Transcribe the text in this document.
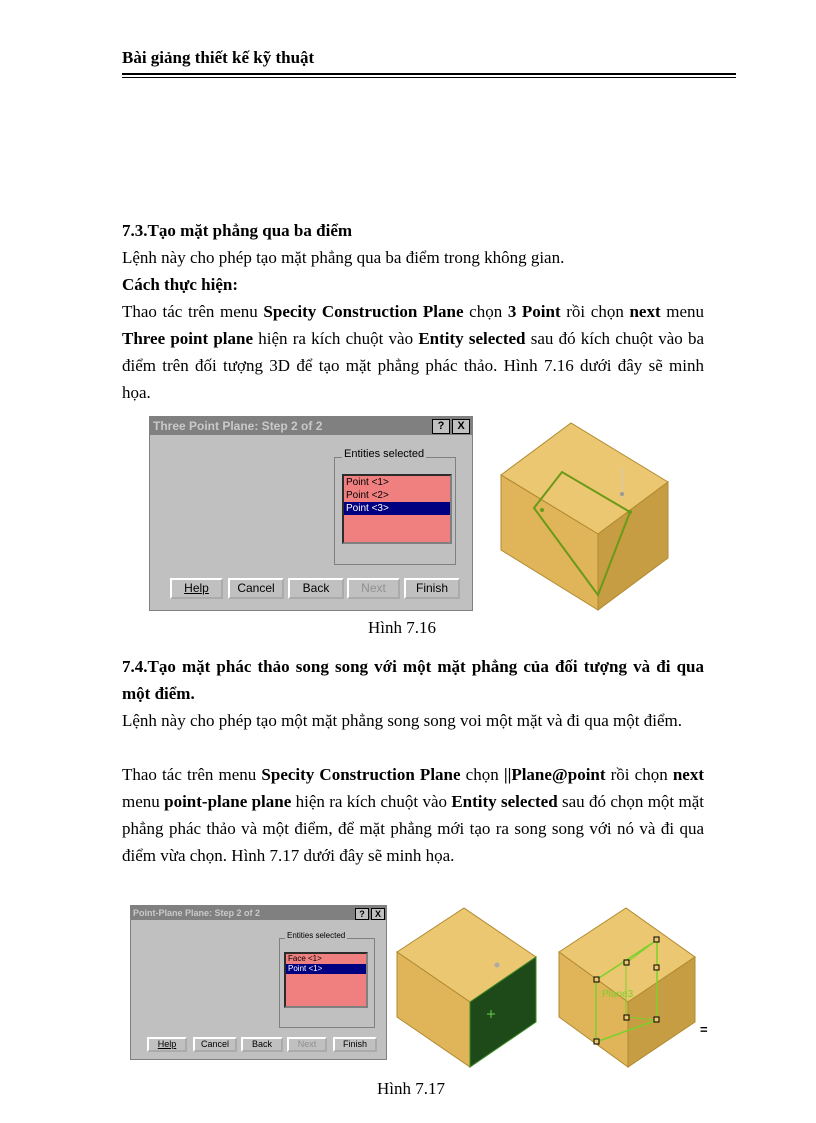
Bài giảng thiết kế kỹ thuật

7.3.Tạo mặt phẳng qua ba điểm

Lệnh này cho phép tạo mặt phẳng qua ba điểm trong không gian.

Cách thực hiện:

Thao tác trên menu Specity Construction Plane chọn 3 Point rồi chọn next menu Three point plane hiện ra kích chuột vào Entity selected sau đó kích chuột vào ba điểm trên đối tượng 3D để tạo mặt phẳng phác thảo. Hình 7.16 dưới đây sẽ minh họa.

Three Point Plane: Step 2 of 2	?	X
Entities selected
Point <1>
Point <2>
Point <3>
Help	Cancel	Back	Next	Finish
Hình 7.16

7.4.Tạo mặt phác thảo song song với một mặt phẳng của đối tượng và đi qua một điểm.

Lệnh này cho phép tạo một mặt phẳng song song voi một mặt và đi qua một điểm.

Thao tác trên menu Specity Construction Plane chọn ||Plane@point rồi chọn next menu point-plane plane hiện ra kích chuột vào Entity selected sau đó chọn một mặt phẳng phác thảo và một điểm, để mặt phẳng mới tạo ra song song với nó và đi qua điểm vừa chọn. Hình 7.17 dưới đây sẽ minh họa.

Point-Plane Plane: Step 2 of 2	?	X
Entities selected
Face <1>
Point <1>
Help	Cancel	Back	Next	Finish
Plane3
=
Hình 7.17
